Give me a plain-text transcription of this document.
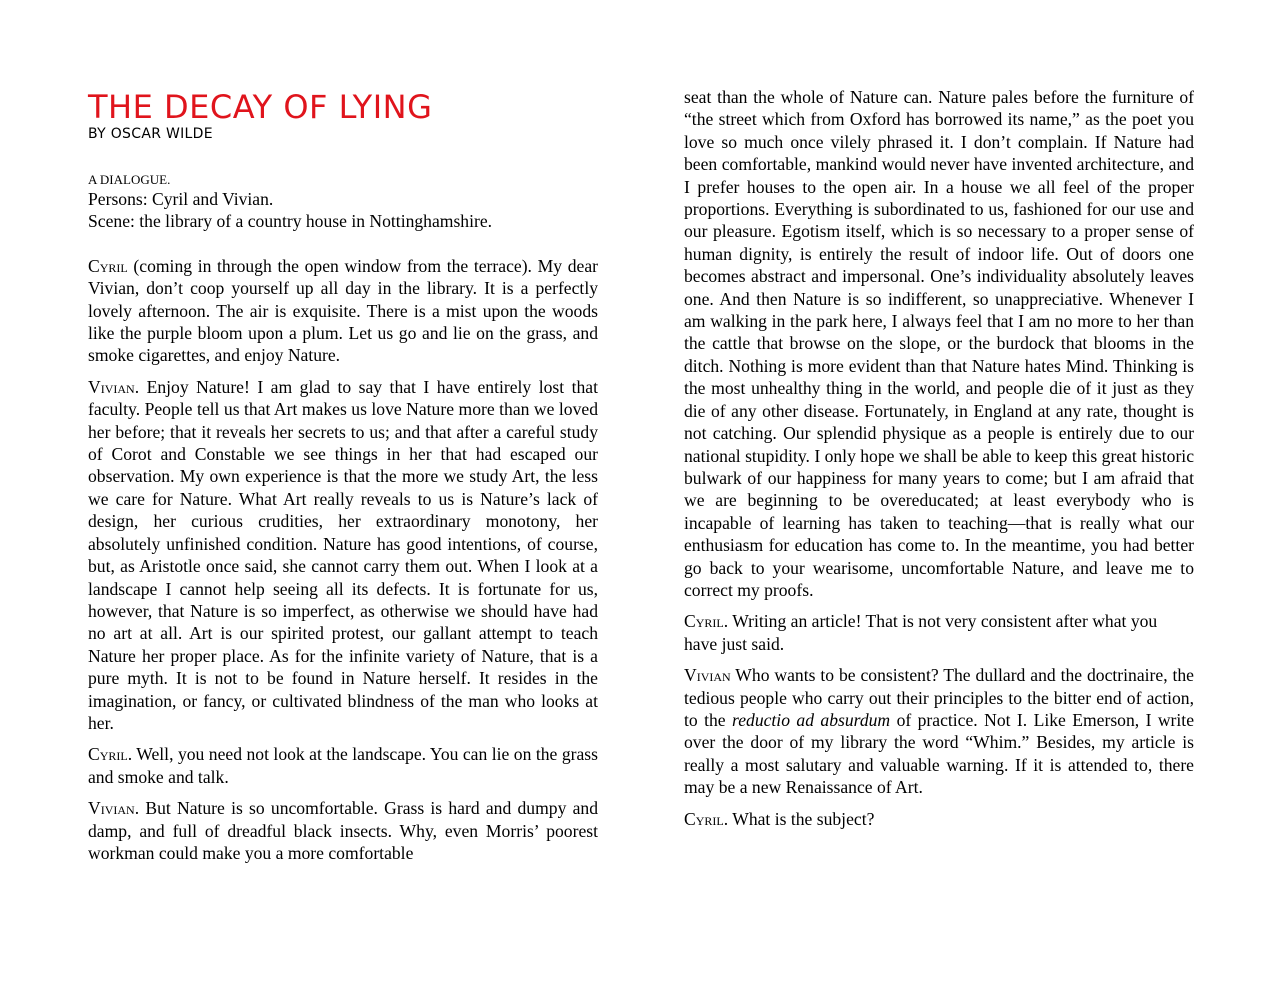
THE DECAY OF LYING
BY OSCAR WILDE
A DIALOGUE.
Persons: Cyril and Vivian.
Scene: the library of a country house in Nottinghamshire.

Cyril (coming in through the open window from the terrace). My dear Vivian, don’t coop yourself up all day in the library. It is a perfectly lovely afternoon. The air is exquisite. There is a mist upon the woods like the purple bloom upon a plum. Let us go and lie on the grass, and smoke cigarettes, and enjoy Nature.

Vivian. Enjoy Nature! I am glad to say that I have entirely lost that faculty. People tell us that Art makes us love Nature more than we loved her before; that it reveals her secrets to us; and that after a careful study of Corot and Constable we see things in her that had escaped our observation. My own experience is that the more we study Art, the less we care for Nature. What Art really reveals to us is Nature’s lack of design, her curious crudities, her extraordinary monotony, her absolutely unfinished condition. Nature has good intentions, of course, but, as Aristotle once said, she cannot carry them out. When I look at a landscape I cannot help seeing all its defects. It is fortunate for us, however, that Nature is so imperfect, as otherwise we should have had no art at all. Art is our spirited protest, our gallant attempt to teach Nature her proper place. As for the infinite variety of Nature, that is a pure myth. It is not to be found in Nature herself. It resides in the imagination, or fancy, or cultivated blindness of the man who looks at her.

Cyril. Well, you need not look at the landscape. You can lie on the grass and smoke and talk.

Vivian. But Nature is so uncomfortable. Grass is hard and dumpy and damp, and full of dreadful black insects. Why, even Morris’ poorest workman could make you a more comfortable

seat than the whole of Nature can. Nature pales before the furniture of “the street which from Oxford has borrowed its name,” as the poet you love so much once vilely phrased it. I don’t complain. If Nature had been comfortable, mankind would never have invented architecture, and I prefer houses to the open air. In a house we all feel of the proper proportions. Everything is subordinated to us, fashioned for our use and our pleasure. Egotism itself, which is so necessary to a proper sense of human dignity, is entirely the result of indoor life. Out of doors one becomes abstract and impersonal. One’s individuality absolutely leaves one. And then Nature is so indifferent, so unappreciative. Whenever I am walking in the park here, I always feel that I am no more to her than the cattle that browse on the slope, or the burdock that blooms in the ditch. Nothing is more evident than that Nature hates Mind. Thinking is the most unhealthy thing in the world, and people die of it just as they die of any other disease. Fortunately, in England at any rate, thought is not catching. Our splendid physique as a people is entirely due to our national stupidity. I only hope we shall be able to keep this great historic bulwark of our happiness for many years to come; but I am afraid that we are beginning to be overeducated; at least everybody who is incapable of learning has taken to teaching—that is really what our enthusiasm for education has come to. In the meantime, you had better go back to your wearisome, uncomfortable Nature, and leave me to correct my proofs.

Cyril. Writing an article! That is not very consistent after what you have just said.

Vivian Who wants to be consistent? The dullard and the doctrinaire, the tedious people who carry out their principles to the bitter end of action, to the reductio ad absurdum of practice. Not I. Like Emerson, I write over the door of my library the word “Whim.” Besides, my article is really a most salutary and valuable warning. If it is attended to, there may be a new Renaissance of Art.

Cyril. What is the subject?
